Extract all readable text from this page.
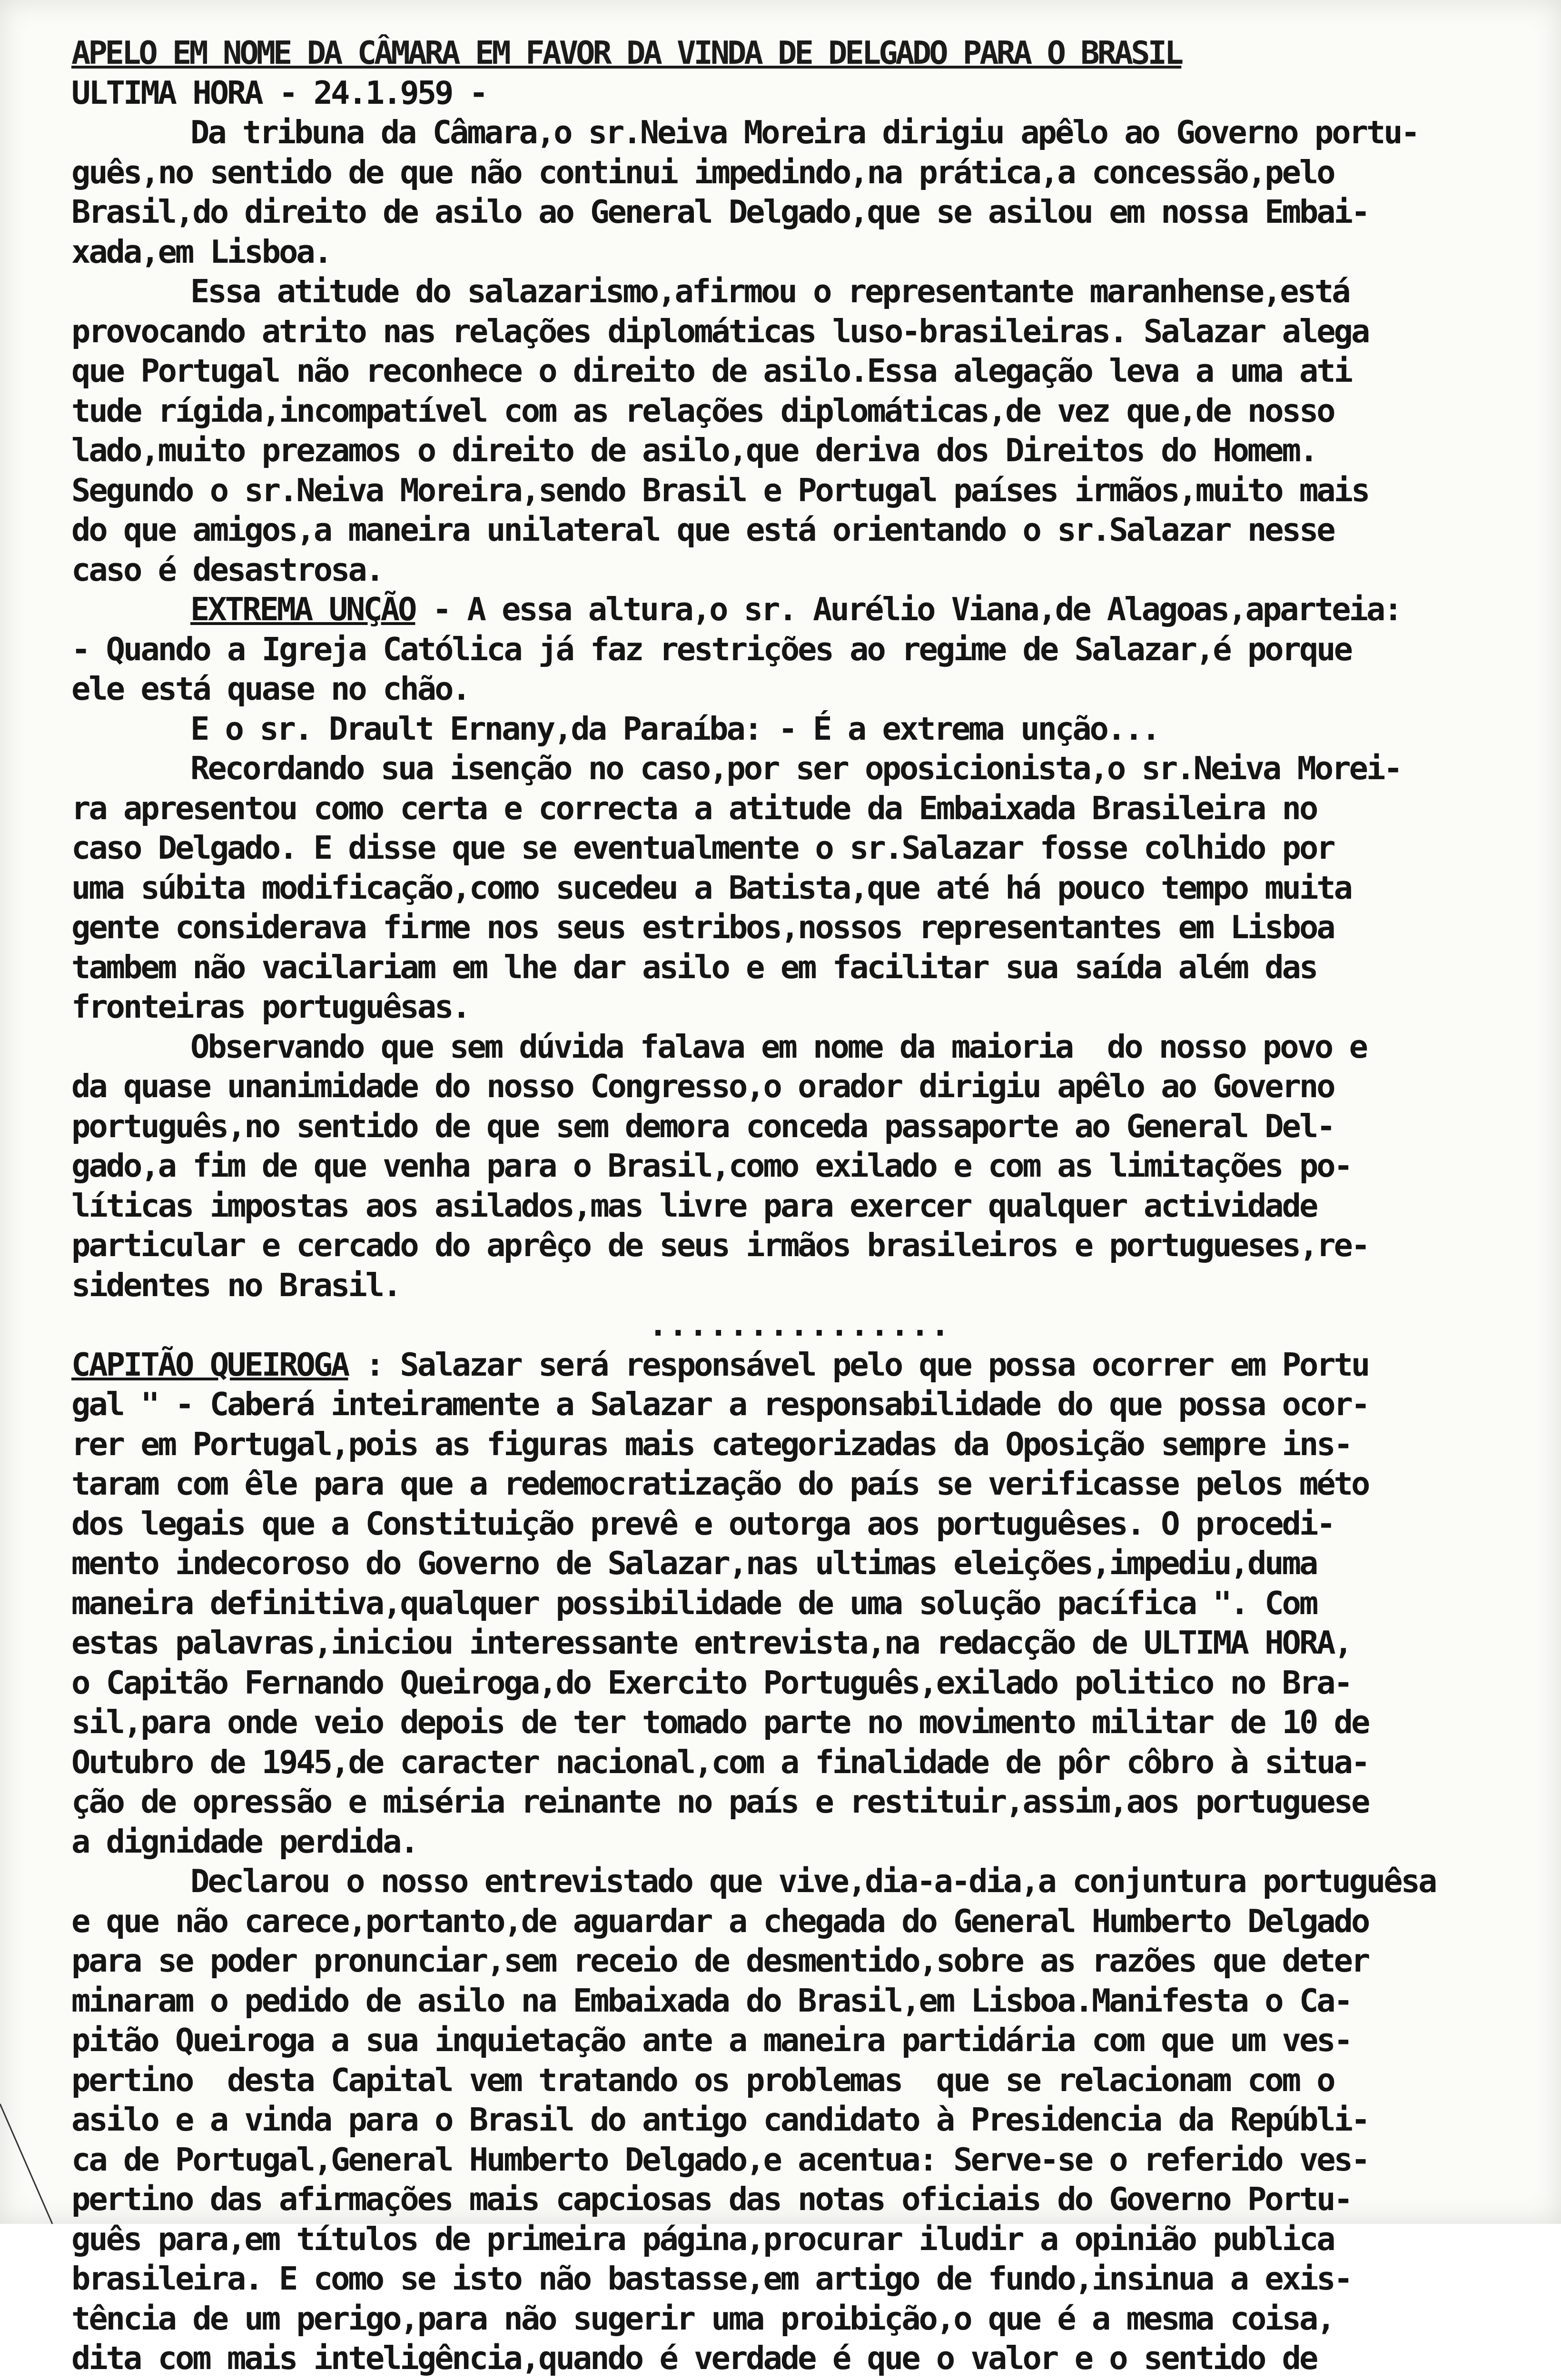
APELO EM NOME DA CÂMARA EM FAVOR DA VINDA DE DELGADO PARA O BRASIL
ULTIMA HORA - 24.1.959 -
Da tribuna da Câmara,o sr.Neiva Moreira dirigiu apêlo ao Governo portu-
guês,no sentido de que não continui impedindo,na prática,a concessão,pelo
Brasil,do direito de asilo ao General Delgado,que se asilou em nossa Embai-
xada,em Lisboa.
Essa atitude do salazarismo,afirmou o representante maranhense,está
provocando atrito nas relações diplomáticas luso-brasileiras. Salazar alega
que Portugal não reconhece o direito de asilo.Essa alegação leva a uma ati
tude rígida,incompatível com as relações diplomáticas,de vez que,de nosso
lado,muito prezamos o direito de asilo,que deriva dos Direitos do Homem.
Segundo o sr.Neiva Moreira,sendo Brasil e Portugal países irmãos,muito mais
do que amigos,a maneira unilateral que está orientando o sr.Salazar nesse
caso é desastrosa.
EXTREMA UNÇÃO - A essa altura,o sr. Aurélio Viana,de Alagoas,aparteia:
- Quando a Igreja Católica já faz restrições ao regime de Salazar,é porque
ele está quase no chão.
E o sr. Drault Ernany,da Paraíba: - É a extrema unção...
Recordando sua isenção no caso,por ser oposicionista,o sr.Neiva Morei-
ra apresentou como certa e correcta a atitude da Embaixada Brasileira no
caso Delgado. E disse que se eventualmente o sr.Salazar fosse colhido por
uma súbita modificação,como sucedeu a Batista,que até há pouco tempo muita
gente considerava firme nos seus estribos,nossos representantes em Lisboa
tambem não vacilariam em lhe dar asilo e em facilitar sua saída além das
fronteiras portuguêsas.
Observando que sem dúvida falava em nome da maioria  do nosso povo e
da quase unanimidade do nosso Congresso,o orador dirigiu apêlo ao Governo
português,no sentido de que sem demora conceda passaporte ao General Del-
gado,a fim de que venha para o Brasil,como exilado e com as limitações po-
líticas impostas aos asilados,mas livre para exercer qualquer actividade
particular e cercado do aprêço de seus irmãos brasileiros e portugueses,re-
sidentes no Brasil.
...............
CAPITÃO QUEIROGA : Salazar será responsável pelo que possa ocorrer em Portu
gal " - Caberá inteiramente a Salazar a responsabilidade do que possa ocor-
rer em Portugal,pois as figuras mais categorizadas da Oposição sempre ins-
taram com êle para que a redemocratização do país se verificasse pelos méto
dos legais que a Constituição prevê e outorga aos portuguêses. O procedi-
mento indecoroso do Governo de Salazar,nas ultimas eleições,impediu,duma
maneira definitiva,qualquer possibilidade de uma solução pacífica ". Com
estas palavras,iniciou interessante entrevista,na redacção de ULTIMA HORA,
o Capitão Fernando Queiroga,do Exercito Português,exilado politico no Bra-
sil,para onde veio depois de ter tomado parte no movimento militar de 10 de
Outubro de 1945,de caracter nacional,com a finalidade de pôr côbro à situa-
ção de opressão e miséria reinante no país e restituir,assim,aos portuguese
a dignidade perdida.
Declarou o nosso entrevistado que vive,dia-a-dia,a conjuntura portuguêsa
e que não carece,portanto,de aguardar a chegada do General Humberto Delgado
para se poder pronunciar,sem receio de desmentido,sobre as razões que deter
minaram o pedido de asilo na Embaixada do Brasil,em Lisboa.Manifesta o Ca-
pitão Queiroga a sua inquietação ante a maneira partidária com que um ves-
pertino  desta Capital vem tratando os problemas  que se relacionam com o
asilo e a vinda para o Brasil do antigo candidato à Presidencia da Repúbli-
ca de Portugal,General Humberto Delgado,e acentua: Serve-se o referido ves-
pertino das afirmações mais capciosas das notas oficiais do Governo Portu-
guês para,em títulos de primeira página,procurar iludir a opinião publica
brasileira. E como se isto não bastasse,em artigo de fundo,insinua a exis-
tência de um perigo,para não sugerir uma proibição,o que é a mesma coisa,
dita com mais inteligência,quando é verdade é que o valor e o sentido de
